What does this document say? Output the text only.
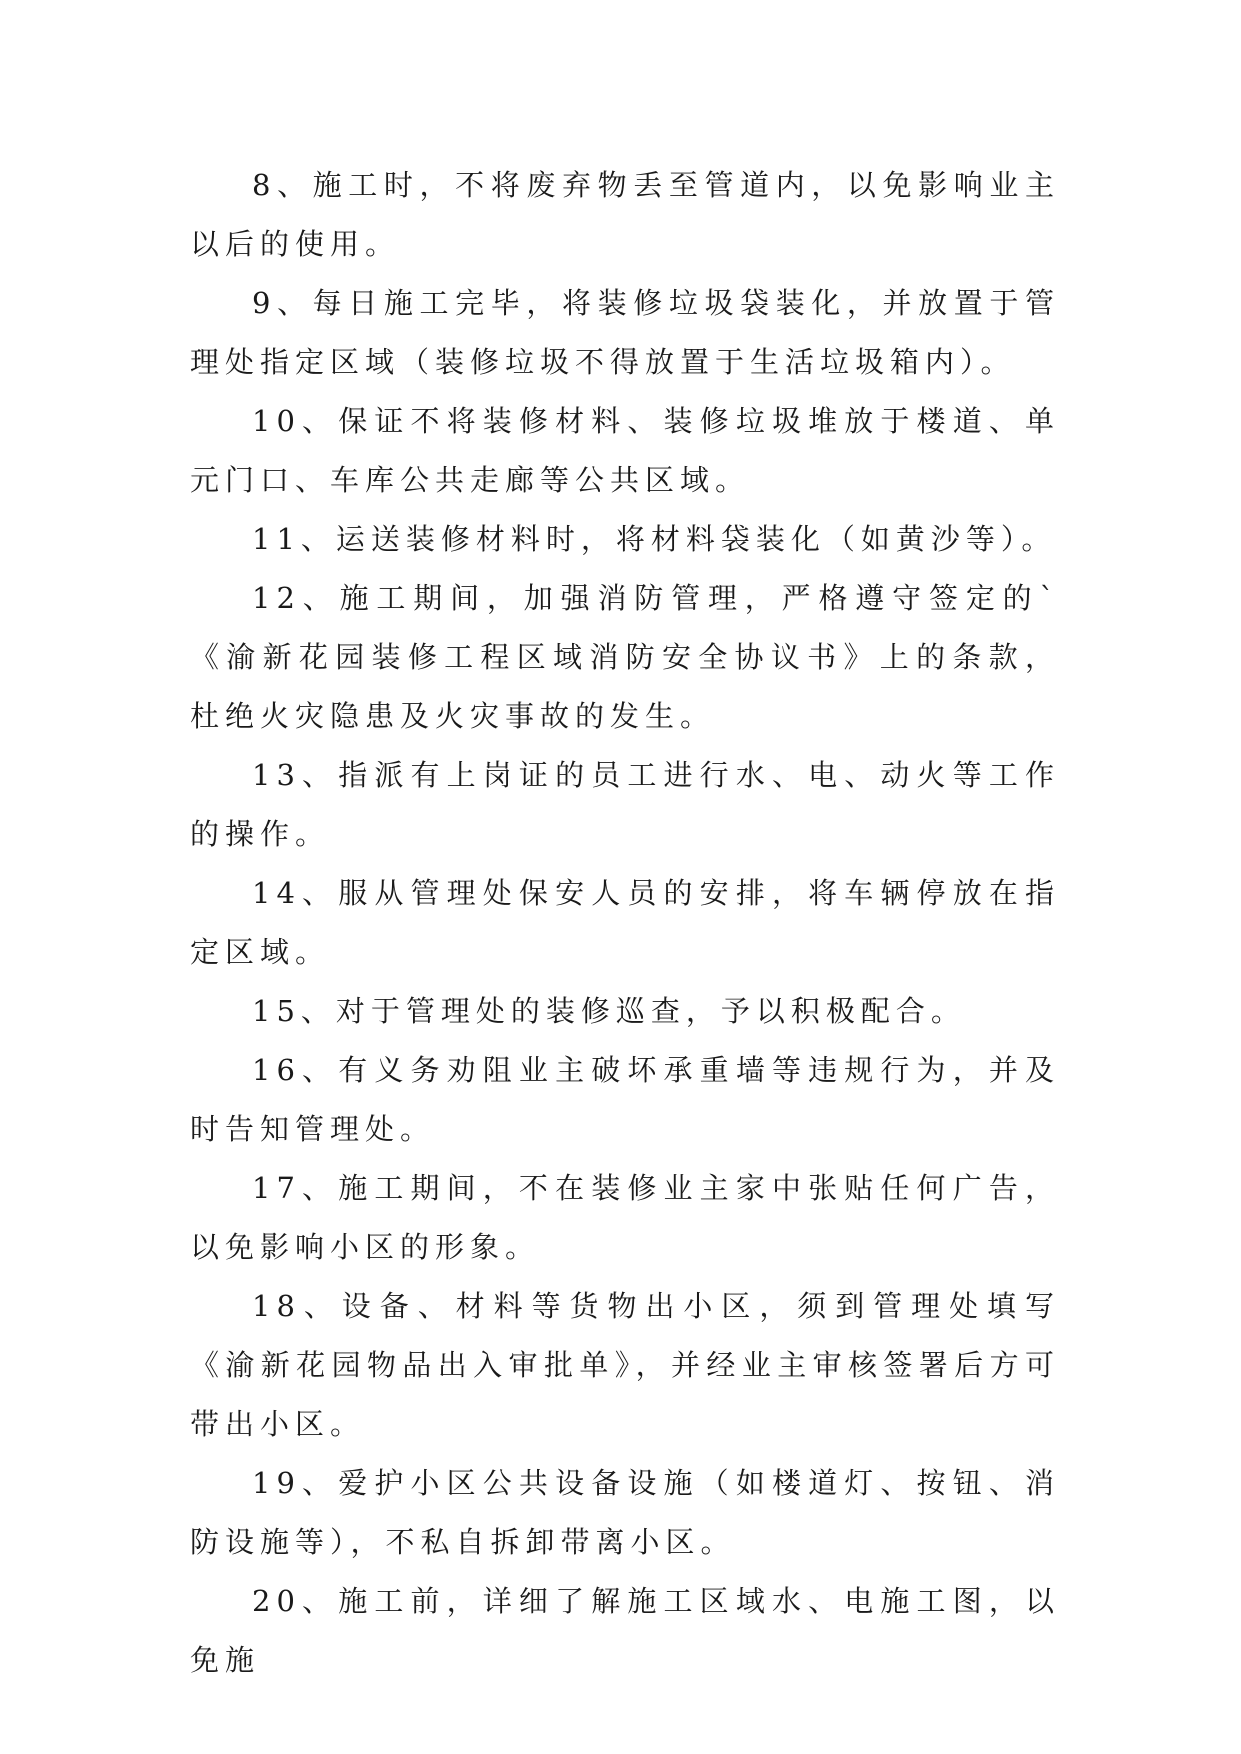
8、施工时，不将废弃物丢至管道内，以免影响业主以后的使用。

9、每日施工完毕，将装修垃圾袋装化，并放置于管理处指定区域（装修垃圾不得放置于生活垃圾箱内）。

10、保证不将装修材料、装修垃圾堆放于楼道、单元门口、车库公共走廊等公共区域。

11、运送装修材料时，将材料袋装化（如黄沙等）。

12、施工期间，加强消防管理，严格遵守签定的`《渝新花园装修工程区域消防安全协议书》上的条款，杜绝火灾隐患及火灾事故的发生。

13、指派有上岗证的员工进行水、电、动火等工作的操作。

14、服从管理处保安人员的安排，将车辆停放在指定区域。

15、对于管理处的装修巡查，予以积极配合。

16、有义务劝阻业主破坏承重墙等违规行为，并及时告知管理处。

17、施工期间，不在装修业主家中张贴任何广告，以免影响小区的形象。

18、设备、材料等货物出小区，须到管理处填写《渝新花园物品出入审批单》，并经业主审核签署后方可带出小区。

19、爱护小区公共设备设施（如楼道灯、按钮、消防设施等），不私自拆卸带离小区。

20、施工前，详细了解施工区域水、电施工图，以免施
